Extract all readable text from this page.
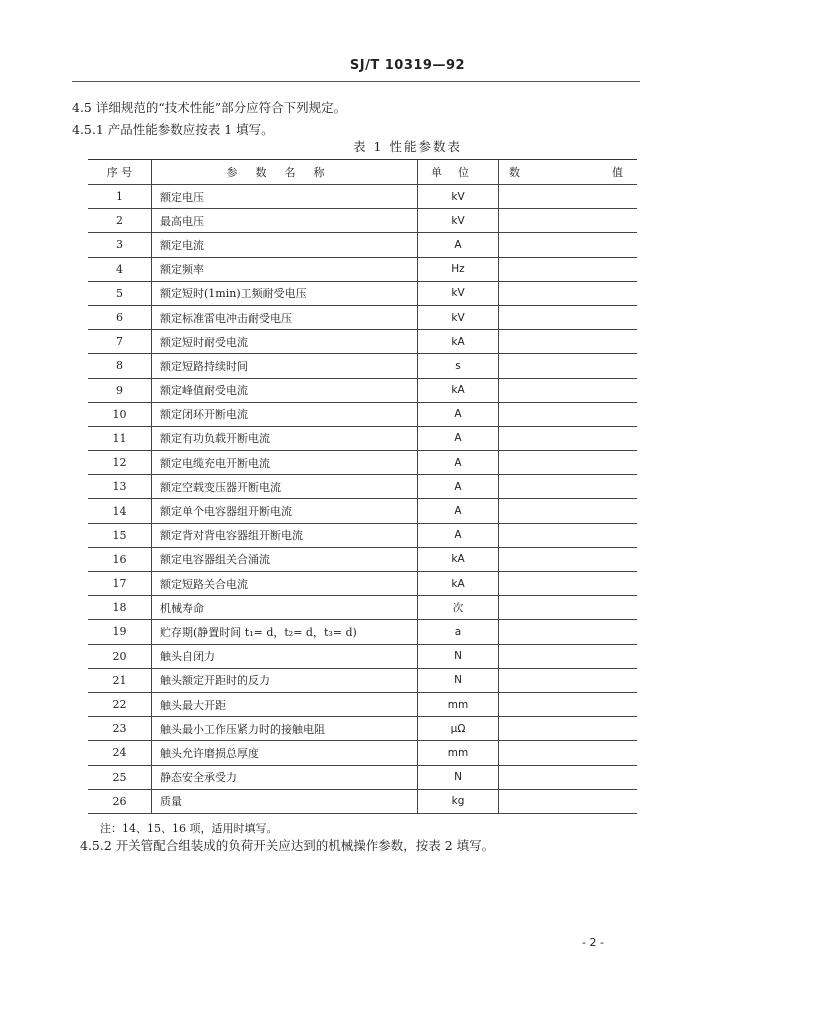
SJ/T 10319—92
4.5 详细规范的“技术性能”部分应符合下列规定。
4.5.1 产品性能参数应按表 1 填写。
表 1 性能参数表
序 号	参数名称	单位	数 值

1	额定电压	kV	
2	最高电压	kV	
3	额定电流	A	
4	额定频率	Hz	
5	额定短时(1min)工频耐受电压	kV	
6	额定标准雷电冲击耐受电压	kV	
7	额定短时耐受电流	kA	
8	额定短路持续时间	s	
9	额定峰值耐受电流	kA	
10	额定闭环开断电流	A	
11	额定有功负载开断电流	A	
12	额定电缆充电开断电流	A	
13	额定空载变压器开断电流	A	
14	额定单个电容器组开断电流	A	
15	额定背对背电容器组开断电流	A	
16	额定电容器组关合涌流	kA	
17	额定短路关合电流	kA	
18	机械寿命	次	
19	贮存期(静置时间 t₁= d，t₂= d，t₃= d)	a	
20	触头自闭力	N	
21	触头额定开距时的反力	N	
22	触头最大开距	mm	
23	触头最小工作压紧力时的接触电阻	μΩ	
24	触头允许磨损总厚度	mm	
25	静态安全承受力	N	
26	质量	kg	
注：14、15、16 项，适用时填写。
4.5.2 开关管配合组装成的负荷开关应达到的机械操作参数，按表 2 填写。
- 2 -
